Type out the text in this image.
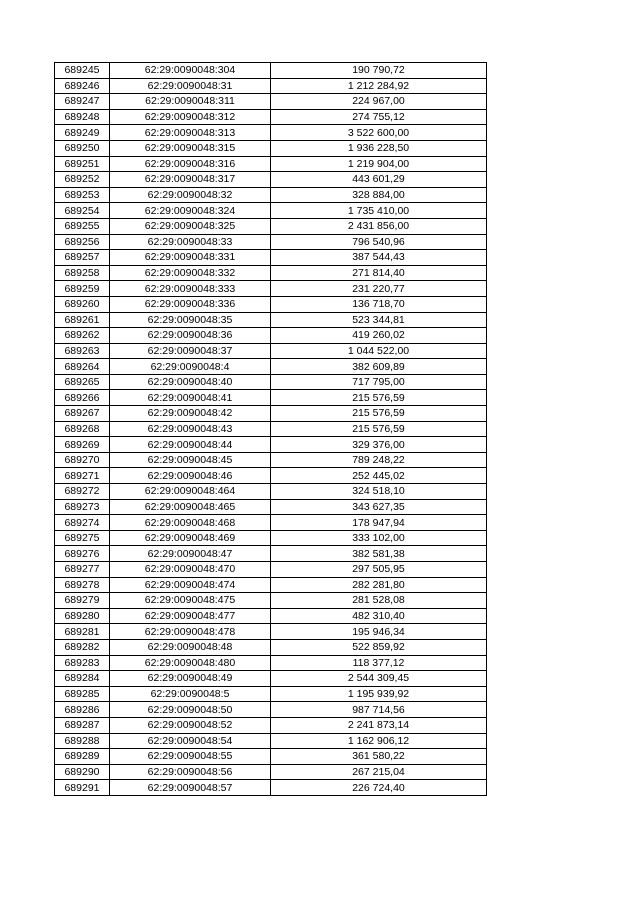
689245	62:29:0090048:304	190 790,72
689246	62:29:0090048:31	1 212 284,92
689247	62:29:0090048:311	224 967,00
689248	62:29:0090048:312	274 755,12
689249	62:29:0090048:313	3 522 600,00
689250	62:29:0090048:315	1 936 228,50
689251	62:29:0090048:316	1 219 904,00
689252	62:29:0090048:317	443 601,29
689253	62:29:0090048:32	328 884,00
689254	62:29:0090048:324	1 735 410,00
689255	62:29:0090048:325	2 431 856,00
689256	62:29:0090048:33	796 540,96
689257	62:29:0090048:331	387 544,43
689258	62:29:0090048:332	271 814,40
689259	62:29:0090048:333	231 220,77
689260	62:29:0090048:336	136 718,70
689261	62:29:0090048:35	523 344,81
689262	62:29:0090048:36	419 260,02
689263	62:29:0090048:37	1 044 522,00
689264	62:29:0090048:4	382 609,89
689265	62:29:0090048:40	717 795,00
689266	62:29:0090048:41	215 576,59
689267	62:29:0090048:42	215 576,59
689268	62:29:0090048:43	215 576,59
689269	62:29:0090048:44	329 376,00
689270	62:29:0090048:45	789 248,22
689271	62:29:0090048:46	252 445,02
689272	62:29:0090048:464	324 518,10
689273	62:29:0090048:465	343 627,35
689274	62:29:0090048:468	178 947,94
689275	62:29:0090048:469	333 102,00
689276	62:29:0090048:47	382 581,38
689277	62:29:0090048:470	297 505,95
689278	62:29:0090048:474	282 281,80
689279	62:29:0090048:475	281 528,08
689280	62:29:0090048:477	482 310,40
689281	62:29:0090048:478	195 946,34
689282	62:29:0090048:48	522 859,92
689283	62:29:0090048:480	118 377,12
689284	62:29:0090048:49	2 544 309,45
689285	62:29:0090048:5	1 195 939,92
689286	62:29:0090048:50	987 714,56
689287	62:29:0090048:52	2 241 873,14
689288	62:29:0090048:54	1 162 906,12
689289	62:29:0090048:55	361 580,22
689290	62:29:0090048:56	267 215,04
689291	62:29:0090048:57	226 724,40
